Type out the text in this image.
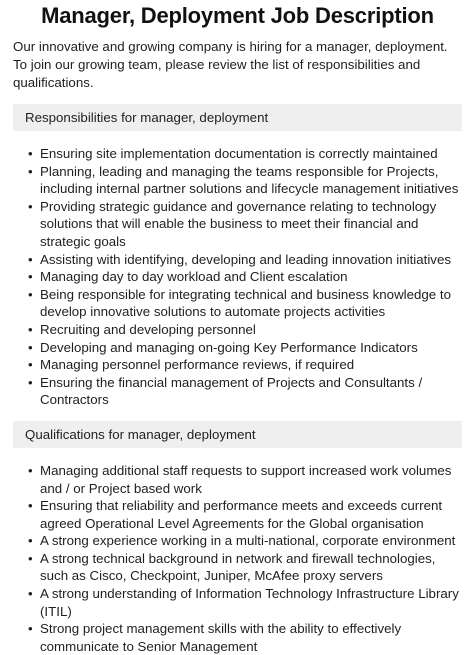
Manager, Deployment Job Description

Our innovative and growing company is hiring for a manager, deployment. To join our growing team, please review the list of responsibilities and qualifications.

Responsibilities for manager, deployment
• Ensuring site implementation documentation is correctly maintained
• Planning, leading and managing the teams responsible for Projects, including internal partner solutions and lifecycle management initiatives
• Providing strategic guidance and governance relating to technology solutions that will enable the business to meet their financial and strategic goals
• Assisting with identifying, developing and leading innovation initiatives
• Managing day to day workload and Client escalation
• Being responsible for integrating technical and business knowledge to develop innovative solutions to automate projects activities
• Recruiting and developing personnel
• Developing and managing on-going Key Performance Indicators
• Managing personnel performance reviews, if required
• Ensuring the financial management of Projects and Consultants / Contractors
Qualifications for manager, deployment
• Managing additional staff requests to support increased work volumes and / or Project based work
• Ensuring that reliability and performance meets and exceeds current agreed Operational Level Agreements for the Global organisation
• A strong experience working in a multi-national, corporate environment
• A strong technical background in network and firewall technologies, such as Cisco, Checkpoint, Juniper, McAfee proxy servers
• A strong understanding of Information Technology Infrastructure Library (ITIL)
• Strong project management skills with the ability to effectively communicate to Senior Management
